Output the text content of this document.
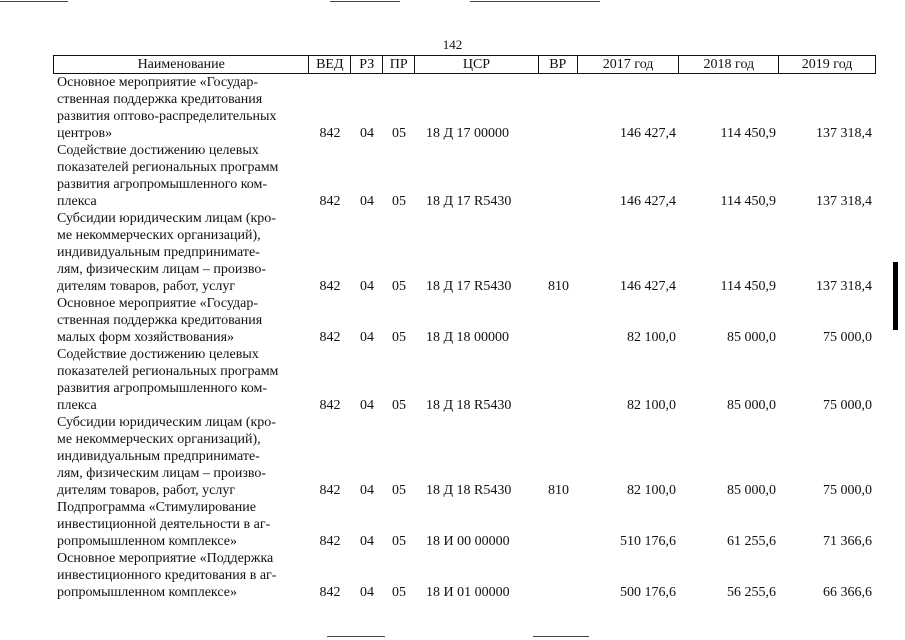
142
Наименование	ВЕД	РЗ	ПР	ЦСР	ВР	2017 год	2018 год	2019 год
Основное мероприятие «Государ-
ственная поддержка кредитования
развития оптово-распределительных
центров»	842	04	05	18 Д 17 00000	146 427,4	114 450,9	137 318,4
Содействие достижению целевых
показателей региональных программ
развития агропромышленного ком-
плекса	842	04	05	18 Д 17 R5430	146 427,4	114 450,9	137 318,4
Субсидии юридическим лицам (кро-
ме некоммерческих организаций),
индивидуальным предпринимате-
лям, физическим лицам – произво-
дителям товаров, работ, услуг	842	04	05	18 Д 17 R5430	810	146 427,4	114 450,9	137 318,4
Основное мероприятие «Государ-
ственная поддержка кредитования
малых форм хозяйствования»	842	04	05	18 Д 18 00000	82 100,0	85 000,0	75 000,0
Содействие достижению целевых
показателей региональных программ
развития агропромышленного ком-
плекса	842	04	05	18 Д 18 R5430	82 100,0	85 000,0	75 000,0
Субсидии юридическим лицам (кро-
ме некоммерческих организаций),
индивидуальным предпринимате-
лям, физическим лицам – произво-
дителям товаров, работ, услуг	842	04	05	18 Д 18 R5430	810	82 100,0	85 000,0	75 000,0
Подпрограмма «Стимулирование
инвестиционной деятельности в аг-
ропромышленном комплексе»	842	04	05	18 И 00 00000	510 176,6	61 255,6	71 366,6
Основное мероприятие «Поддержка
инвестиционного кредитования в аг-
ропромышленном комплексе»	842	04	05	18 И 01 00000	500 176,6	56 255,6	66 366,6
